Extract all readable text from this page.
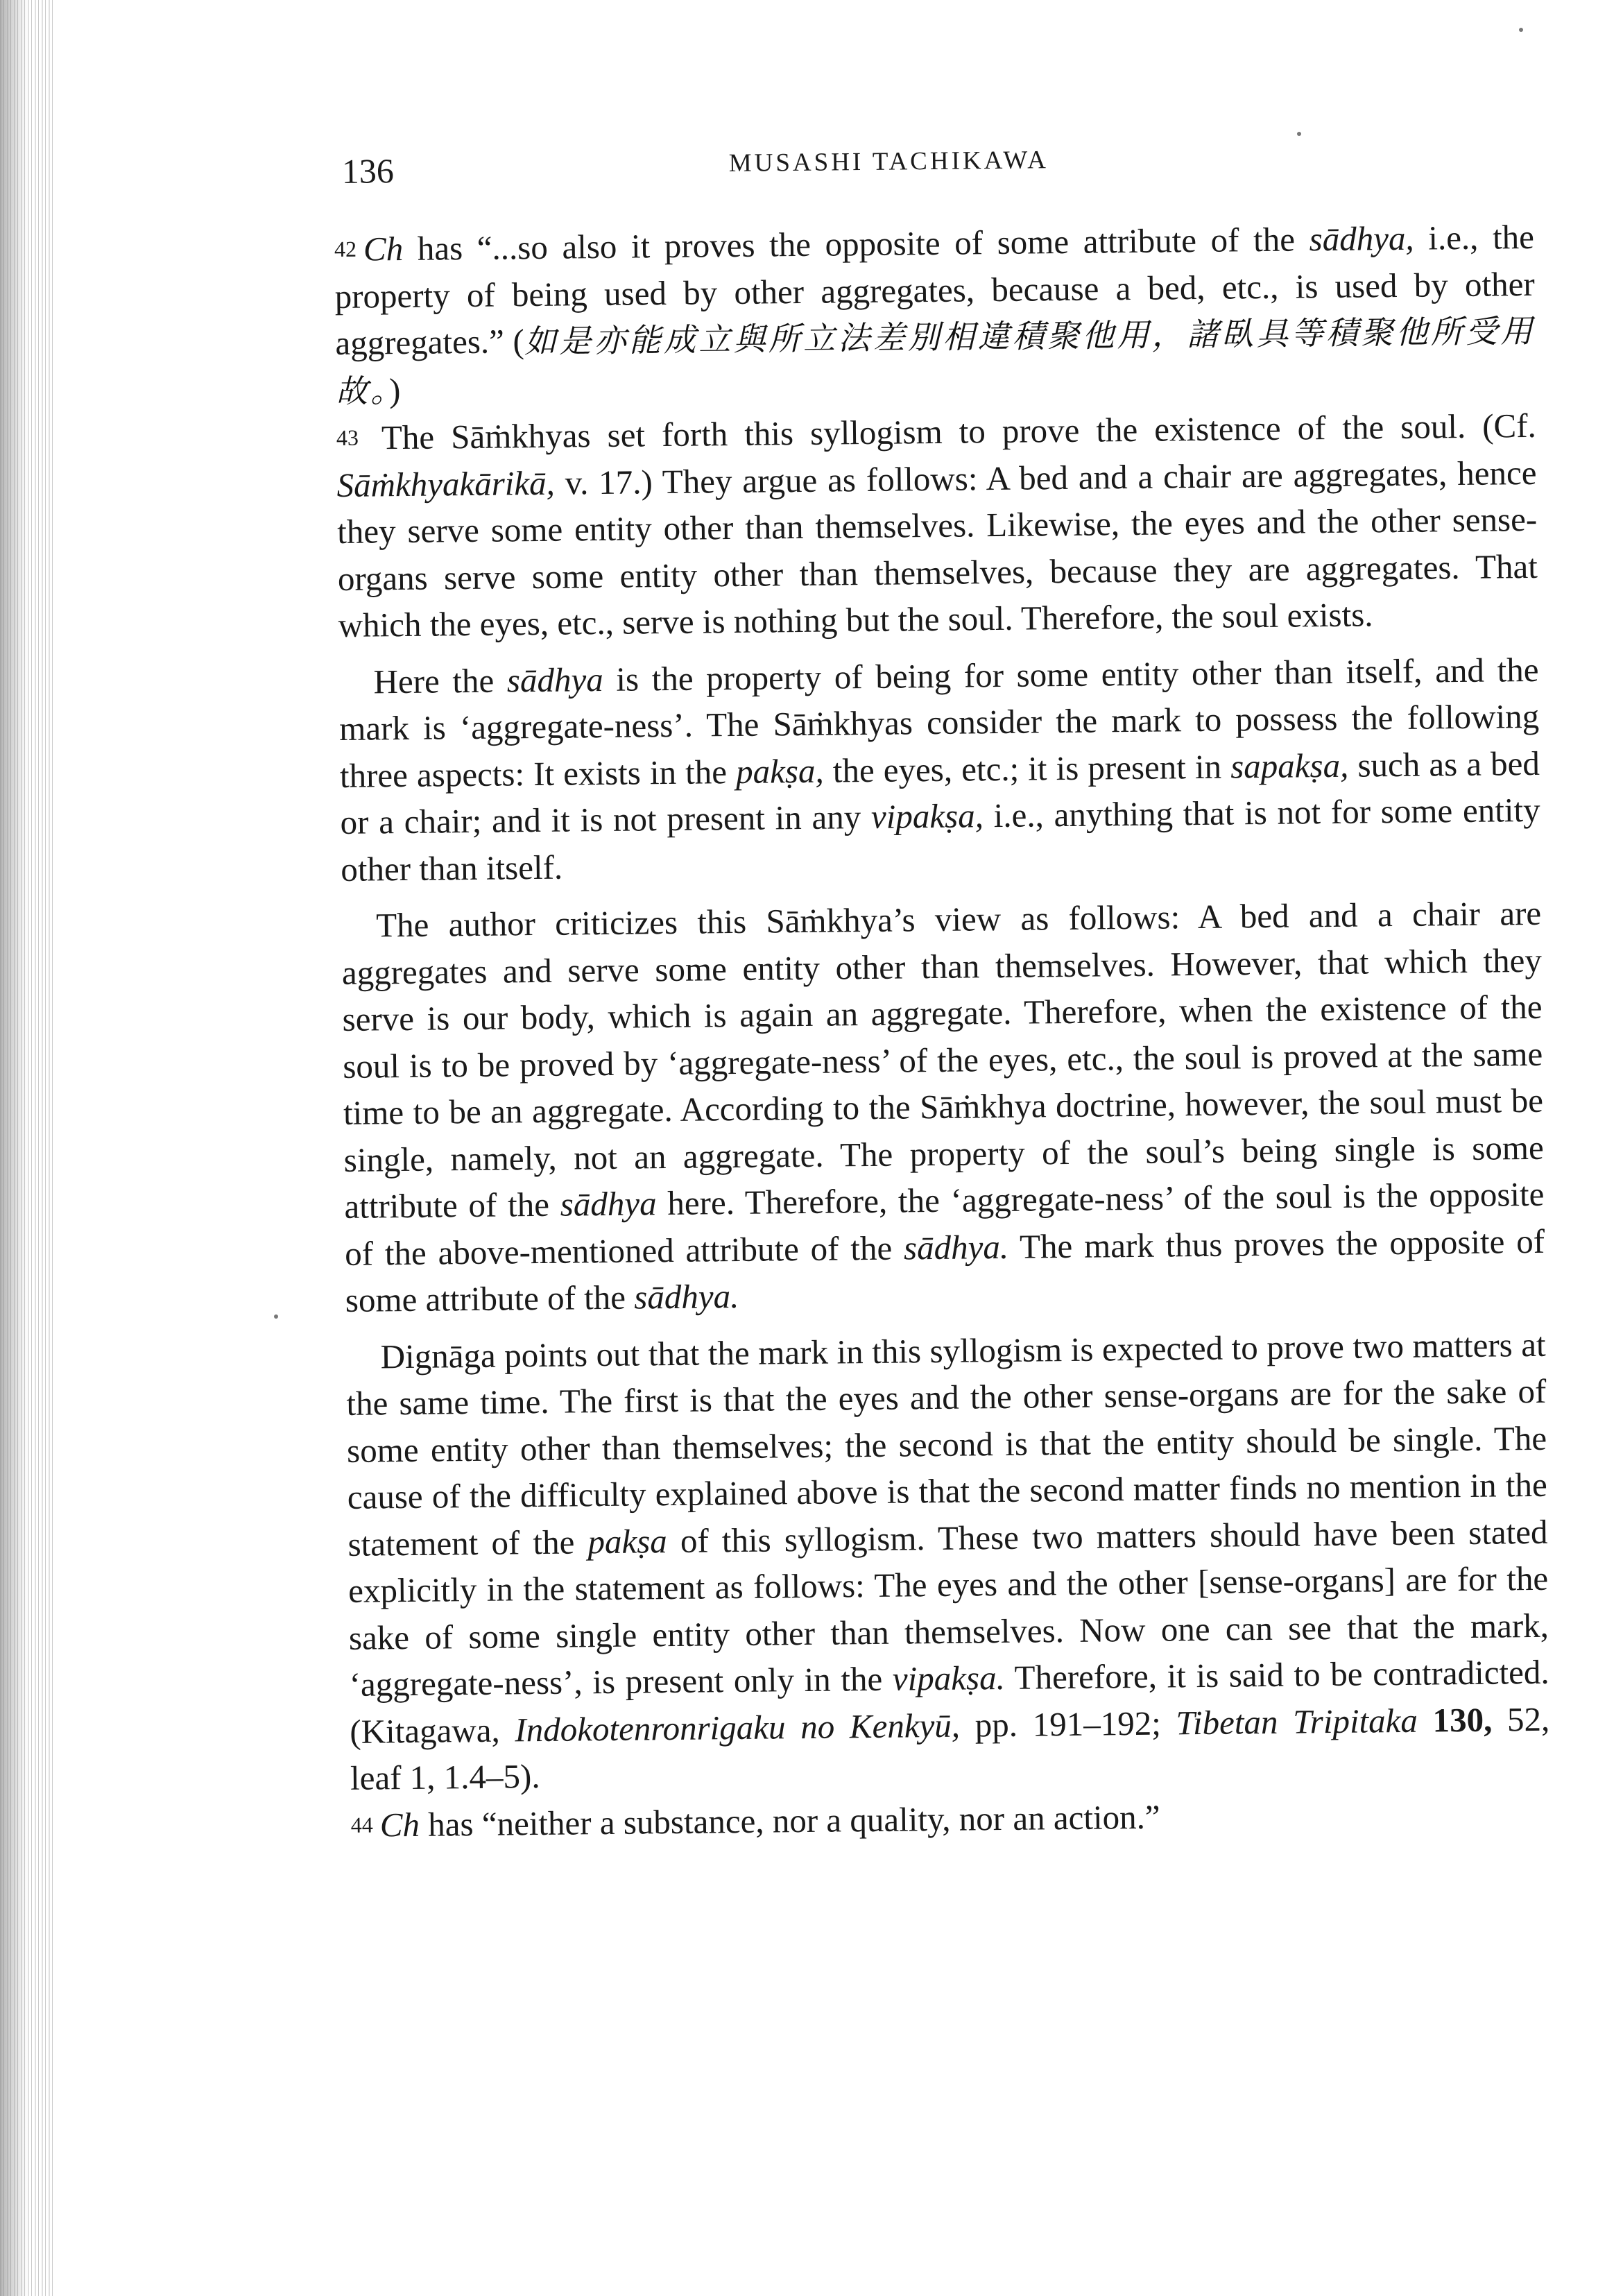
136	MUSASHI TACHIKAWA

42 Ch has “...so also it proves the opposite of some attribute of the sādhya, i.e., the property of being used by other aggregates, because a bed, etc., is used by other aggregates.” (如是亦能成立與所立法差別相違積聚他用，諸臥具等積聚他所受用故。)

43 The Sāṁkhyas set forth this syllogism to prove the existence of the soul. (Cf. Sāṁkhyakārikā, v. 17.) They argue as follows: A bed and a chair are aggregates, hence they serve some entity other than themselves. Likewise, the eyes and the other sense-organs serve some entity other than themselves, because they are aggregates. That which the eyes, etc., serve is nothing but the soul. Therefore, the soul exists.

Here the sādhya is the property of being for some entity other than itself, and the mark is ‘aggregate-ness’. The Sāṁkhyas consider the mark to possess the following three aspects: It exists in the pakṣa, the eyes, etc.; it is present in sapakṣa, such as a bed or a chair; and it is not present in any vipakṣa, i.e., anything that is not for some entity other than itself.

The author criticizes this Sāṁkhya’s view as follows: A bed and a chair are aggregates and serve some entity other than themselves. However, that which they serve is our body, which is again an aggregate. Therefore, when the existence of the soul is to be proved by ‘aggregate-ness’ of the eyes, etc., the soul is proved at the same time to be an aggregate. According to the Sāṁkhya doctrine, however, the soul must be single, namely, not an aggregate. The property of the soul’s being single is some attribute of the sādhya here. Therefore, the ‘aggregate-ness’ of the soul is the opposite of the above-mentioned attribute of the sādhya. The mark thus proves the opposite of some attribute of the sādhya.

Dignāga points out that the mark in this syllogism is expected to prove two matters at the same time. The first is that the eyes and the other sense-organs are for the sake of some entity other than themselves; the second is that the entity should be single. The cause of the difficulty explained above is that the second matter finds no mention in the statement of the pakṣa of this syllogism. These two matters should have been stated explicitly in the statement as follows: The eyes and the other [sense-organs] are for the sake of some single entity other than themselves. Now one can see that the mark, ‘aggregate-ness’, is present only in the vipakṣa. Therefore, it is said to be contradicted. (Kitagawa, Indokotenronrigaku no Kenkyū, pp. 191–192; Tibetan Tripitaka 130, 52, leaf 1, 1.4–5).

44 Ch has “neither a substance, nor a quality, nor an action.”
